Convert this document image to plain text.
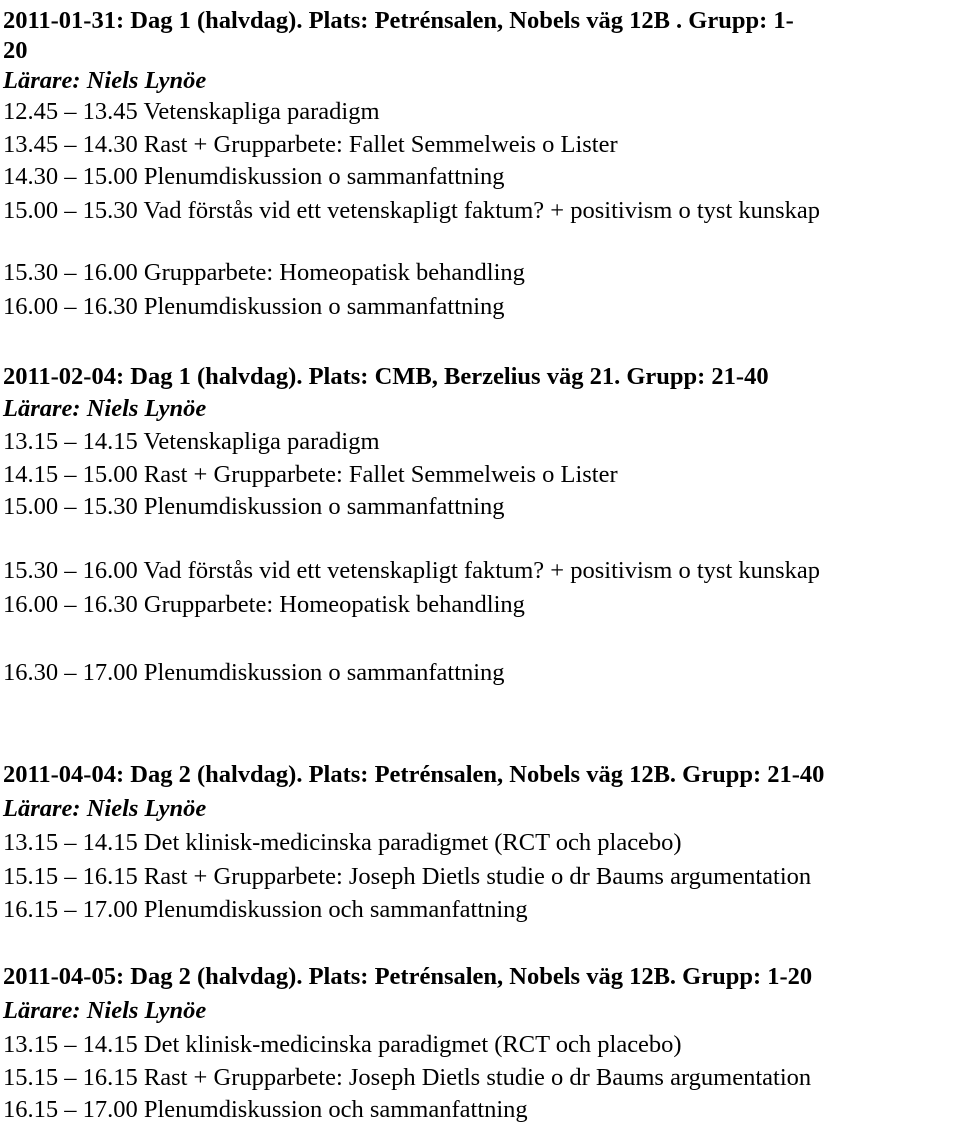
2011-01-31: Dag 1 (halvdag). Plats: Petrénsalen, Nobels väg 12B . Grupp: 1-
20
Lärare: Niels Lynöe
12.45 – 13.45 Vetenskapliga paradigm
13.45 – 14.30 Rast + Grupparbete: Fallet Semmelweis o Lister
14.30 – 15.00 Plenumdiskussion o sammanfattning
15.00 – 15.30 Vad förstås vid ett vetenskapligt faktum? + positivism o tyst kunskap
15.30 – 16.00 Grupparbete: Homeopatisk behandling
16.00 – 16.30 Plenumdiskussion o sammanfattning
2011-02-04: Dag 1 (halvdag). Plats: CMB, Berzelius väg 21. Grupp: 21-40
Lärare: Niels Lynöe
13.15 – 14.15 Vetenskapliga paradigm
14.15 – 15.00 Rast + Grupparbete: Fallet Semmelweis o Lister
15.00 – 15.30 Plenumdiskussion o sammanfattning
15.30 – 16.00 Vad förstås vid ett vetenskapligt faktum? + positivism o tyst kunskap
16.00 – 16.30 Grupparbete: Homeopatisk behandling
16.30 – 17.00 Plenumdiskussion o sammanfattning
2011-04-04: Dag 2 (halvdag). Plats: Petrénsalen, Nobels väg 12B. Grupp: 21-40
Lärare: Niels Lynöe
13.15 – 14.15 Det klinisk-medicinska paradigmet (RCT och placebo)
15.15 – 16.15 Rast + Grupparbete: Joseph Dietls studie o dr Baums argumentation
16.15 – 17.00 Plenumdiskussion och sammanfattning
2011-04-05: Dag 2 (halvdag). Plats: Petrénsalen, Nobels väg 12B. Grupp: 1-20
Lärare: Niels Lynöe
13.15 – 14.15 Det klinisk-medicinska paradigmet (RCT och placebo)
15.15 – 16.15 Rast + Grupparbete: Joseph Dietls studie o dr Baums argumentation
16.15 – 17.00 Plenumdiskussion och sammanfattning
